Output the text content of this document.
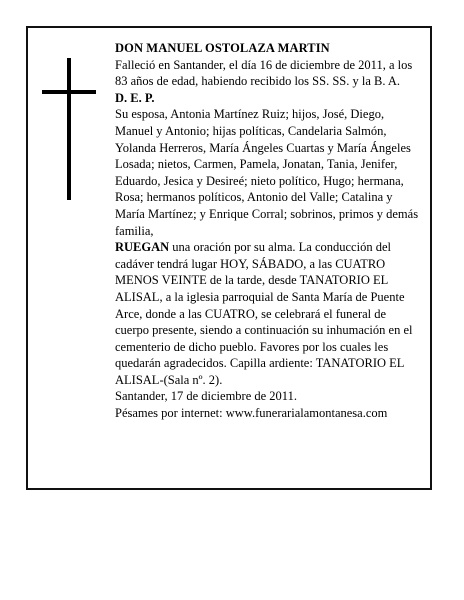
DON MANUEL OSTOLAZA MARTIN

Falleció en Santander, el día 16 de diciembre de 2011, a los 83 años de edad, habiendo recibido los SS. SS. y la B. A.

D. E. P.

Su esposa, Antonia Martínez Ruiz; hijos, José, Diego, Manuel y Antonio; hijas políticas, Candelaria Salmón, Yolanda Herreros, María Ángeles Cuartas y María Ángeles Losada; nietos, Carmen, Pamela, Jonatan, Tania, Jenifer, Eduardo, Jesica y Desireé; nieto político, Hugo; hermana, Rosa; hermanos políticos, Antonio del Valle; Catalina y María Martínez; y Enrique Corral; sobrinos, primos y demás familia,

RUEGAN una oración por su alma. La conducción del cadáver tendrá lugar HOY, SÁBADO, a las CUATRO MENOS VEINTE de la tarde, desde TANATORIO EL ALISAL, a la iglesia parroquial de Santa María de Puente Arce, donde a las CUATRO, se celebrará el funeral de cuerpo presente, siendo a continuación su inhumación en el cementerio de dicho pueblo. Favores por los cuales les quedarán agradecidos. Capilla ardiente: TANATORIO EL ALISAL-(Sala nº. 2).

Santander, 17 de diciembre de 2011.

Pésames por internet: www.funerarialamontanesa.com
